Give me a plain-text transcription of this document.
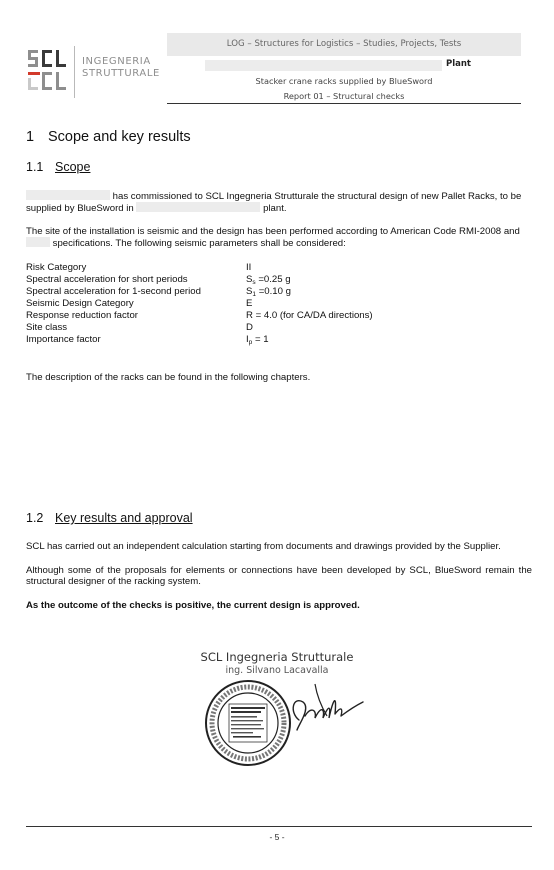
INGEGNERIA
STRUTTURALE
LOG – Structures for Logistics – Studies, Projects, Tests
Plant
Stacker crane racks supplied by BlueSword
Report 01 – Structural checks
1 Scope and key results
1.1 Scope
has commissioned to SCL Ingegneria Strutturale the structural design of new Pallet Racks, to be supplied by BlueSword in	plant.
The site of the installation is seismic and the design has been performed according to American Code RMI-2008 and  specifications. The following seismic parameters shall be considered:
Risk Category	II
Spectral acceleration for short periods	$S_s =0.25$ g
Spectral acceleration for 1-second period	$S_1 =0.10$ g
Seismic Design Category	E
Response reduction factor	R = 4.0 (for CA/DA directions)
Site class	D
Importance factor	$I_p = 1$
The description of the racks can be found in the following chapters.
1.2 Key results and approval
SCL has carried out an independent calculation starting from documents and drawings provided by the Supplier.
Although some of the proposals for elements or connections have been developed by SCL, BlueSword remain the structural designer of the racking system.
As the outcome of the checks is positive, the current design is approved.
SCL Ingegneria Strutturale
ing. Silvano Lacavalla
- 5 -
